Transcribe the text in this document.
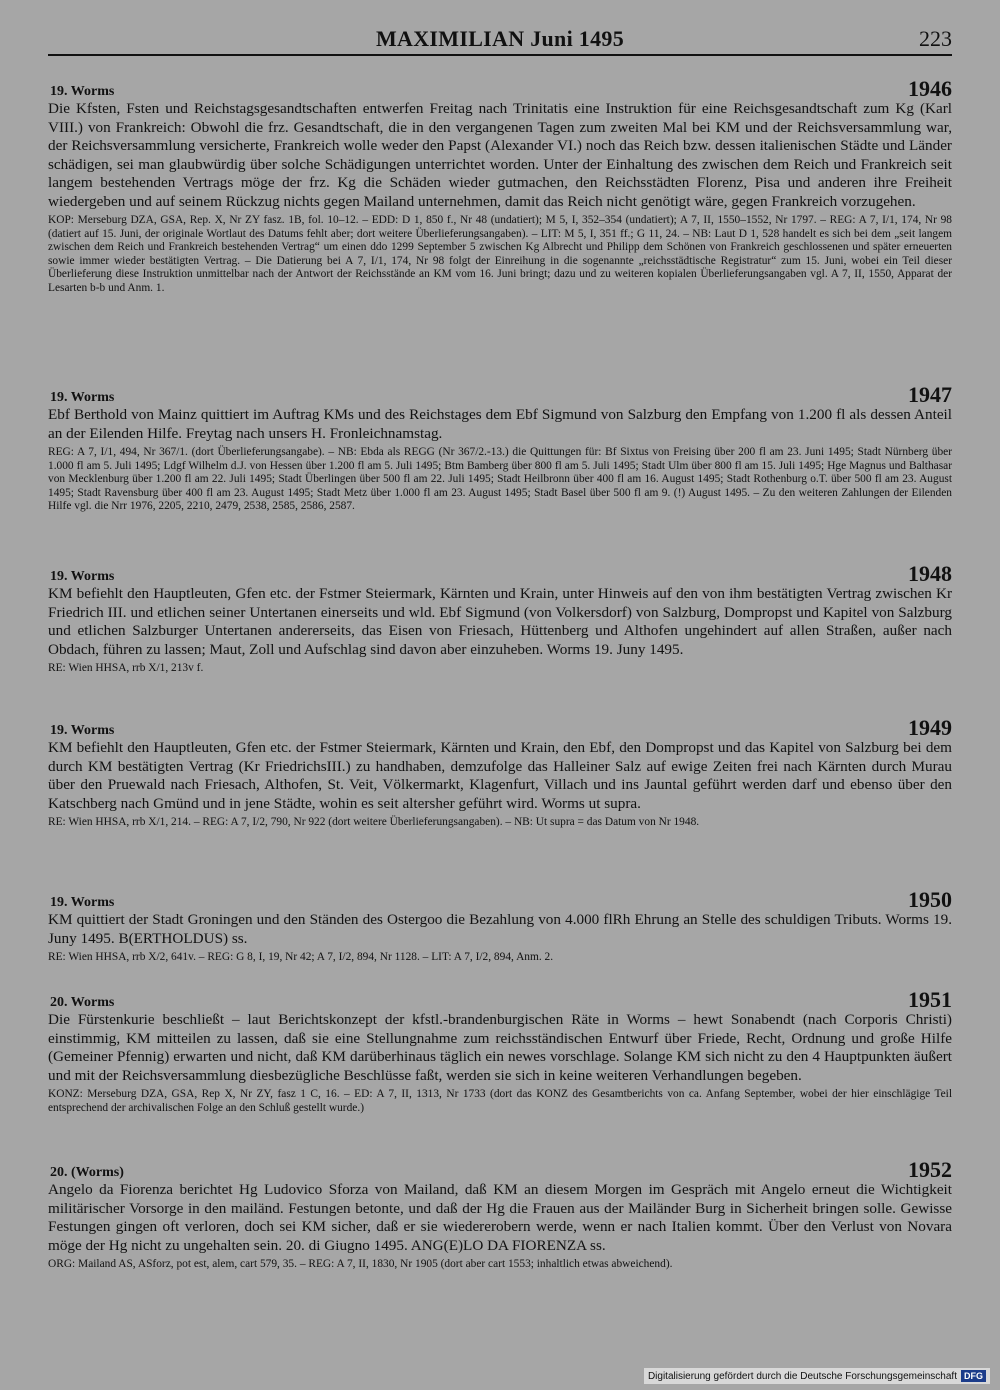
MAXIMILIAN Juni 1495	223
19. Worms	1946

Die Kfsten, Fsten und Reichstagsgesandtschaften entwerfen Freitag nach Trinitatis eine Instruktion für eine Reichsgesandtschaft zum Kg (Karl VIII.) von Frankreich: Obwohl die frz. Gesandtschaft, die in den vergangenen Tagen zum zweiten Mal bei KM und der Reichsversammlung war, der Reichsversammlung versicherte, Frankreich wolle weder den Papst (Alexander VI.) noch das Reich bzw. dessen italienischen Städte und Länder schädigen, sei man glaubwürdig über solche Schädigungen unterrichtet worden. Unter der Einhaltung des zwischen dem Reich und Frankreich seit langem bestehenden Vertrags möge der frz. Kg die Schäden wieder gutmachen, den Reichsstädten Florenz, Pisa und anderen ihre Freiheit wiedergeben und auf seinem Rückzug nichts gegen Mailand unternehmen, damit das Reich nicht genötigt wäre, gegen Frankreich vorzugehen.

KOP: Merseburg DZA, GSA, Rep. X, Nr ZY fasz. 1B, fol. 10–12. – EDD: D 1, 850 f., Nr 48 (undatiert); M 5, I, 352–354 (undatiert); A 7, II, 1550–1552, Nr 1797. – REG: A 7, I/1, 174, Nr 98 (datiert auf 15. Juni, der originale Wortlaut des Datums fehlt aber; dort weitere Überlieferungsangaben). – LIT: M 5, I, 351 ff.; G 11, 24. – NB: Laut D 1, 528 handelt es sich bei dem „seit langem zwischen dem Reich und Frankreich bestehenden Vertrag“ um einen ddo 1299 September 5 zwischen Kg Albrecht und Philipp dem Schönen von Frankreich geschlossenen und später erneuerten sowie immer wieder bestätigten Vertrag. – Die Datierung bei A 7, I/1, 174, Nr 98 folgt der Einreihung in die sogenannte „reichsstädtische Registratur“ zum 15. Juni, wobei ein Teil dieser Überlieferung diese Instruktion unmittelbar nach der Antwort der Reichsstände an KM vom 16. Juni bringt; dazu und zu weiteren kopialen Überlieferungsangaben vgl. A 7, II, 1550, Apparat der Lesarten b-b und Anm. 1.

19. Worms	1947

Ebf Berthold von Mainz quittiert im Auftrag KMs und des Reichstages dem Ebf Sigmund von Salzburg den Empfang von 1.200 fl als dessen Anteil an der Eilenden Hilfe. Freytag nach unsers H. Fronleichnamstag.

REG: A 7, I/1, 494, Nr 367/1. (dort Überlieferungsangabe). – NB: Ebda als REGG (Nr 367/2.-13.) die Quittungen für: Bf Sixtus von Freising über 200 fl am 23. Juni 1495; Stadt Nürnberg über 1.000 fl am 5. Juli 1495; Ldgf Wilhelm d.J. von Hessen über 1.200 fl am 5. Juli 1495; Btm Bamberg über 800 fl am 5. Juli 1495; Stadt Ulm über 800 fl am 15. Juli 1495; Hge Magnus und Balthasar von Mecklenburg über 1.200 fl am 22. Juli 1495; Stadt Überlingen über 500 fl am 22. Juli 1495; Stadt Heilbronn über 400 fl am 16. August 1495; Stadt Rothenburg o.T. über 500 fl am 23. August 1495; Stadt Ravensburg über 400 fl am 23. August 1495; Stadt Metz über 1.000 fl am 23. August 1495; Stadt Basel über 500 fl am 9. (!) August 1495. – Zu den weiteren Zahlungen der Eilenden Hilfe vgl. die Nrr 1976, 2205, 2210, 2479, 2538, 2585, 2586, 2587.

19. Worms	1948

KM befiehlt den Hauptleuten, Gfen etc. der Fstmer Steiermark, Kärnten und Krain, unter Hinweis auf den von ihm bestätigten Vertrag zwischen Kr Friedrich III. und etlichen seiner Untertanen einerseits und wld. Ebf Sigmund (von Volkersdorf) von Salzburg, Dompropst und Kapitel von Salzburg und etlichen Salzburger Untertanen andererseits, das Eisen von Friesach, Hüttenberg und Althofen ungehindert auf allen Straßen, außer nach Obdach, führen zu lassen; Maut, Zoll und Aufschlag sind davon aber einzuheben. Worms 19. Juny 1495.

RE: Wien HHSA, rrb X/1, 213v f.

19. Worms	1949

KM befiehlt den Hauptleuten, Gfen etc. der Fstmer Steiermark, Kärnten und Krain, den Ebf, den Dompropst und das Kapitel von Salzburg bei dem durch KM bestätigten Vertrag (Kr FriedrichsIII.) zu handhaben, demzufolge das Halleiner Salz auf ewige Zeiten frei nach Kärnten durch Murau über den Pruewald nach Friesach, Althofen, St. Veit, Völkermarkt, Klagenfurt, Villach und ins Jauntal geführt werden darf und ebenso über den Katschberg nach Gmünd und in jene Städte, wohin es seit altersher geführt wird. Worms ut supra.

RE: Wien HHSA, rrb X/1, 214. – REG: A 7, I/2, 790, Nr 922 (dort weitere Überlieferungsangaben). – NB: Ut supra = das Datum von Nr 1948.

19. Worms	1950

KM quittiert der Stadt Groningen und den Ständen des Ostergoo die Bezahlung von 4.000 flRh Ehrung an Stelle des schuldigen Tributs. Worms 19. Juny 1495. B(ERTHOLDUS) ss.

RE: Wien HHSA, rrb X/2, 641v. – REG: G 8, I, 19, Nr 42; A 7, I/2, 894, Nr 1128. – LIT: A 7, I/2, 894, Anm. 2.

20. Worms	1951

Die Fürstenkurie beschließt – laut Berichtskonzept der kfstl.-brandenburgischen Räte in Worms – hewt Sonabendt (nach Corporis Christi) einstimmig, KM mitteilen zu lassen, daß sie eine Stellungnahme zum reichsständischen Entwurf über Friede, Recht, Ordnung und große Hilfe (Gemeiner Pfennig) erwarten und nicht, daß KM darüberhinaus täglich ein newes vorschlage. Solange KM sich nicht zu den 4 Hauptpunkten äußert und mit der Reichsversammlung diesbezügliche Beschlüsse faßt, werden sie sich in keine weiteren Verhandlungen begeben.

KONZ: Merseburg DZA, GSA, Rep X, Nr ZY, fasz 1 C, 16. – ED: A 7, II, 1313, Nr 1733 (dort das KONZ des Gesamtberichts von ca. Anfang September, wobei der hier einschlägige Teil entsprechend der archivalischen Folge an den Schluß gestellt wurde.)

20. (Worms)	1952

Angelo da Fiorenza berichtet Hg Ludovico Sforza von Mailand, daß KM an diesem Morgen im Gespräch mit Angelo erneut die Wichtigkeit militärischer Vorsorge in den mailänd. Festungen betonte, und daß der Hg die Frauen aus der Mailänder Burg in Sicherheit bringen solle. Gewisse Festungen gingen oft verloren, doch sei KM sicher, daß er sie wiedererobern werde, wenn er nach Italien kommt. Über den Verlust von Novara möge der Hg nicht zu ungehalten sein. 20. di Giugno 1495. ANG(E)LO DA FIORENZA ss.

ORG: Mailand AS, ASforz, pot est, alem, cart 579, 35. – REG: A 7, II, 1830, Nr 1905 (dort aber cart 1553; inhaltlich etwas abweichend).

Digitalisierung gefördert durch die Deutsche Forschungsgemeinschaft DFG
